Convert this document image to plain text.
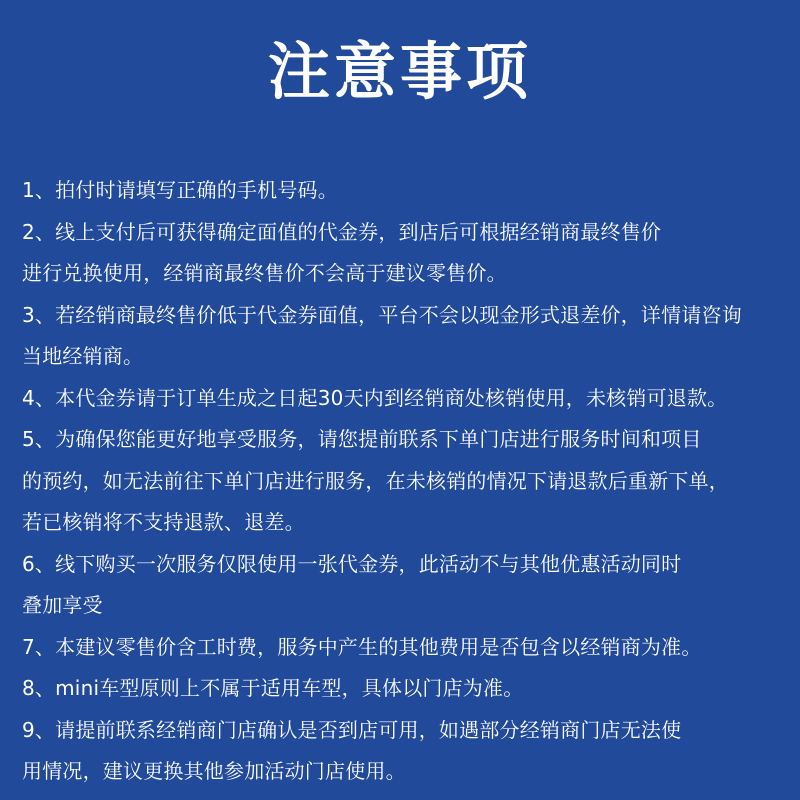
注意事项
1、拍付时请填写正确的手机号码。
2、线上支付后可获得确定面值的代金券，到店后可根据经销商最终售价
进行兑换使用，经销商最终售价不会高于建议零售价。
3、若经销商最终售价低于代金券面值，平台不会以现金形式退差价，详情请咨询
当地经销商。
4、本代金券请于订单生成之日起30天内到经销商处核销使用，未核销可退款。
5、为确保您能更好地享受服务，请您提前联系下单门店进行服务时间和项目
的预约，如无法前往下单门店进行服务，在未核销的情况下请退款后重新下单，
若已核销将不支持退款、退差。
6、线下购买一次服务仅限使用一张代金券，此活动不与其他优惠活动同时
叠加享受
7、本建议零售价含工时费，服务中产生的其他费用是否包含以经销商为准。
8、mini车型原则上不属于适用车型，具体以门店为准。
9、请提前联系经销商门店确认是否到店可用，如遇部分经销商门店无法使
用情况，建议更换其他参加活动门店使用。
